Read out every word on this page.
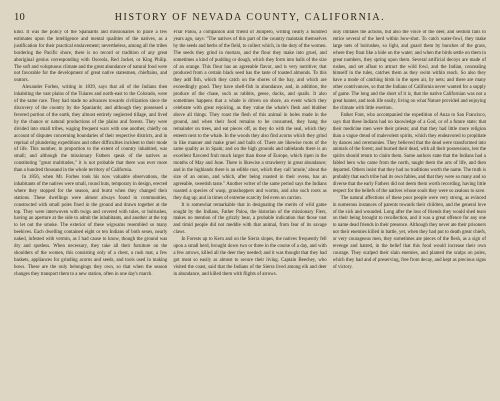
10	HISTORY OF NEVADA COUNTY, CALIFORNIA.

kind. It was the policy of the Spaniards and missionaries to place a few estimates upon the intelligence and mental qualities of the natives, as a justification for their practical enslavement; nevertheless, among all the tribes bordering the Pacific shore, there is no record or tradition of any great aboriginal genius corresponding with Osceola, Red Jacket, or King Philip. The soft and voluptuous climate and the great abundance of natural food were not favorable for the development of great native statesmen, chieftains, and orators.

Alexander Forbes, writing in 1839, says that all of the Indians then inhabiting the vast plains of the Tulares and north-east to the Colorado, were of the same race. They had made no advances towards civilization since the discovery of the country by the Spaniards; and although they possessed a fevered portion of the earth, they almost entirely neglected tillage, and lived by the chance or natural productions of the plains and forests. They were divided into small tribes, waging frequent wars with one another, chiefly on account of disputes concerning boundaries of their respective districts, and in reprisal of plundering expeditions and other difficulties incident to their mode of life. This number, in proportion to the extent of country inhabited, was small; and although the missionary Fathers speak of the natives as constituting "great multitudes," it is not probable that there was ever more than a hundred thousand in the whole territory of California.

In 1856, when Mr. Forbes took his now valuable observations, the inhabitants of the natives were small, round huts, temporary in design, erected where they stopped for the season, and burnt when they changed their stations. These dwellings were almost always found in communities, constructed with small poles fixed in the ground and drawn together at the top. They were interwoven with twigs and covered with tules, or bulrushes, having an aperture at the side to admit the inhabitants, and another at the top to let out the smoke. The exterior of these wigwams resembled so many beehives. Each dwelling contained eight or ten Indians of both sexes, nearly naked, infested with vermin, as I had cause to know, though the ground was dry and spotless. When necessary, they take all their furniture on the shoulders of the women, this consisting only of a chest, a rush mat, a few baskets, appliances for grinding acorns and seeds, and tools used in making bows. These are the only belongings they own, so that when the season changes they transport them to a new station, often in one day's march.

Friar Palou, a companion and friend of Junipero, writing nearly a hundred years ago, says: "The natives of this part of the country maintain themselves by the seeds and herbs of the field, to collect which, in the duty of the women. The seeds they grind in mortars, and the flour they make into gruel, and sometimes a kind of pudding or dough, which they form into balls of the size of an orange. This flour has an agreeable flavor, and is very nutritive; that produced from a certain black seed has the taste of toasted almonds. To this they add fish, which they catch on the shores of the bay, and which are exceedingly good. They have shell-fish in abundance, and, in addition, the produce of the chase, such as rabbits, geese, ducks, and quails. It also sometimes happens that a whale is driven on shore, an event which they celebrate with great rejoicing, as they value the whale's flesh and blubber above all things. They roast the flesh of this animal in holes made in the ground, and when their food remains to be consumed, they hang the remainder on trees, and eat pieces off, as they do with the seal, which they esteem next to the whale. In the woods they also find acorns which they grind in like manner and make gruel and balls of. There are likewise roots of the same quality as in Spain; and on the high grounds and tablelands there is an excellent flavored fruit much larger than those of Europe, which ripen in the months of May and June. There is likewise a strawberry in great abundance; and in the highlands there is an edible root, which they call 'amole,' about the size of an onion, and which, after being roasted in their ovens, has an agreeable, sweetish taste." Another writer of the same period says the Indians roasted a species of wasp, grasshoppers and worms, and also such roots as they dug up; and in times of extreme scarcity fed even on carrion.

It is somewhat remarkable that in designating the merits of wild game sought by the Indians, Father Palou, the historian of the missionary Fiers, makes no mention of the grizzly bear, a probable indication that those vast and timid people did not meddle with that animal, from fear of its savage claws.

In Forests up to Kern and on the Sierra slopes, the natives frequently fell upon a small herd, brought down two or three in the course of a day, and with a few arrows, killed all the deer they needed; and it was thought that they had got meat so easily as almost to secure their living. Captain Beechey, who visited the coast, said that the Indians of the Sierra lived among elk and deer in abundance, and killed them with flights of arrows.

only imitates the actions, but also the voice of the deer, and seldom fails to entice several of the herd within bow-shot. To catch water-fowl, they make large nets of bulrushes, so light, and guard them by bunches of the grass, where they float like a hide on the water; and when the birds settle on them in great numbers, they spring upon them. Several artificial decoys are made of rushes, and set afloat to attract the wild fowl, and the Indian, concealing himself in the tules, catches them as they swim within reach. So also they have a mode of catching birds in the open air, by nets; and there are many other contrivances, so that the Indians of California never wanted for a supply of game. The long and the short of it is, that the native Californian was not a great hunter, and took life easily, living on what Nature provided and enjoying the climate with little exertion.

Father Font, who accompanied the expedition of Anza to San Francisco, says that these Indians had no knowledge of a God, or of a future state; that their medicine men were their priests; and that they had little more religion than a vague dread of malevolent spirits, which they endeavored to propitiate by dances and ceremonies. They believed that the dead were transformed into animals of the forest; and burned their dead, with all their possessions, lest the spirits should return to claim them. Some authors state that the Indians had a fabled hero who came from the north, taught them the arts of life, and then departed. Others insist that they had no traditions worth the name. The truth is probably that each tribe had its own fables, and that they were so many and so diverse that the early Fathers did not deem them worth recording, having little respect for the beliefs of the natives whose souls they were so zealous to save.

The natural affections of these poor people were very strong, as evinced in numerous instances of parents towards their children, and the general love of the sick and wounded. Long after the loss of friends they would shed tears on their being brought to recollection, and it was a great offence for any one to name dead friends in their presence. Although they never ate their prisoners nor their enemies killed in battle, yet, when they had put to death great chiefs, or very courageous men, they sometimes ate pieces of the flesh, as a sign of revenge and hatred, in the belief that this food would increase their own courage. They scalped their slain enemies, and planted the scalps on poles, which they had and of preserving, free from decay, and kept as precious signs of victory.
